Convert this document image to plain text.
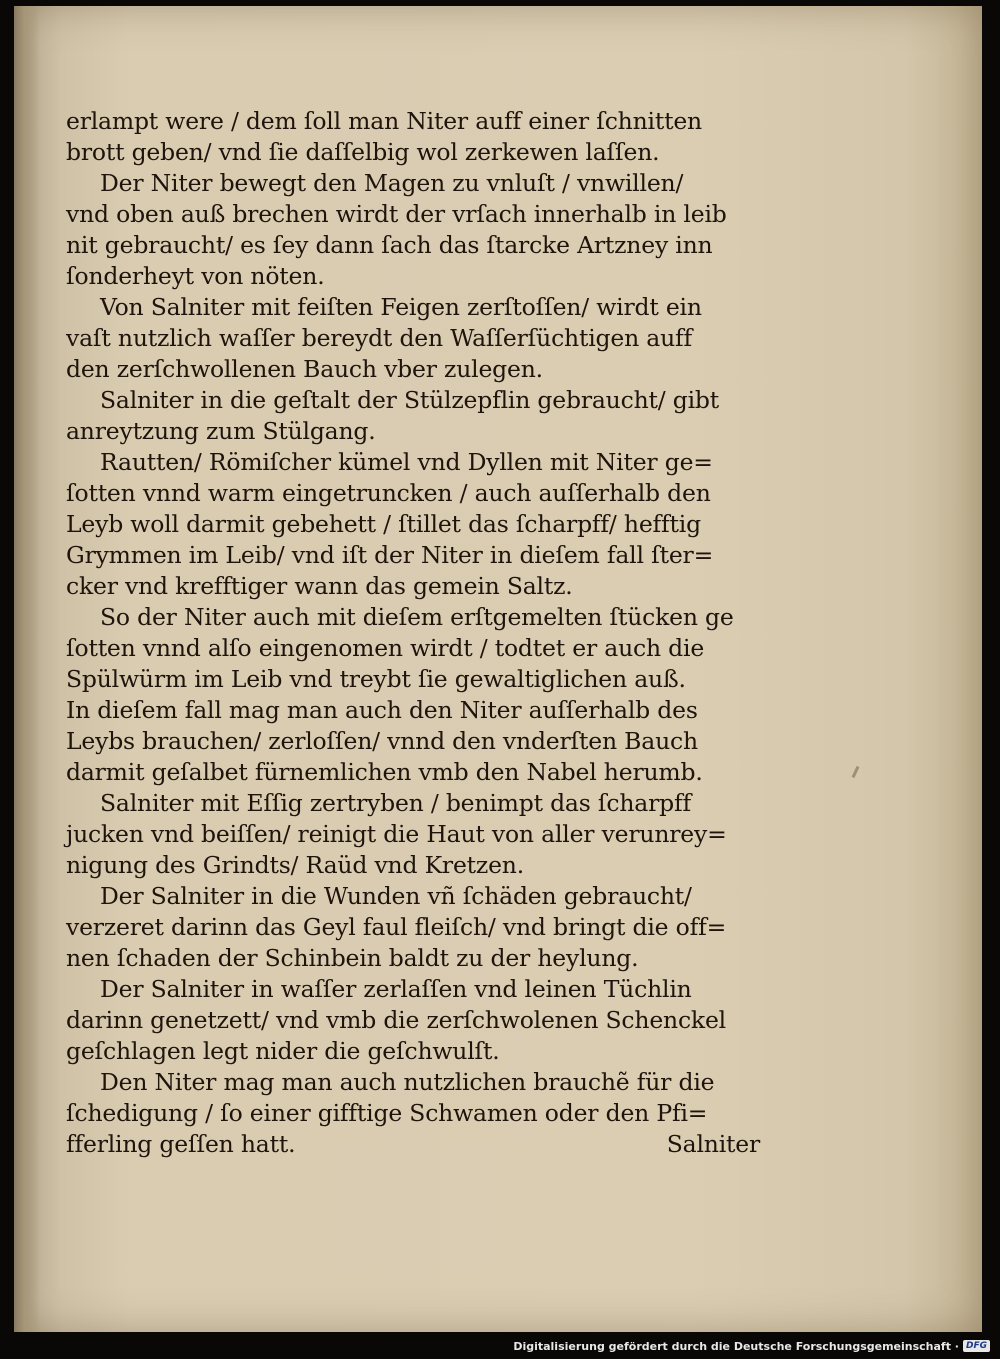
erlampt were / dem ſoll man Niter auff einer ſchnitten
brott geben/ vnd ſie daſſelbig wol zerkewen laſſen.
Der Niter bewegt den Magen zu vnluſt / vnwillen/
vnd oben auß brechen wirdt der vrſach innerhalb in leib
nit gebraucht/ es ſey dann ſach das ſtarcke Artzney inn
ſonderheyt von nöten.
Von Salniter mit feiſten Feigen zerſtoſſen/ wirdt ein
vaſt nutzlich waſſer bereydt den Waſſerſüchtigen auff
den zerſchwollenen Bauch vber zulegen.
Salniter in die geſtalt der Stülzepflin gebraucht/ gibt
anreytzung zum Stülgang.
Rautten/ Römiſcher kümel vnd Dyllen mit Niter ge=
ſotten vnnd warm eingetruncken / auch auſſerhalb den
Leyb woll darmit gebehett / ſtillet das ſcharpff/ hefftig
Grymmen im Leib/ vnd iſt der Niter in dieſem fall ſter=
cker vnd krefftiger wann das gemein Saltz.
So der Niter auch mit dieſem erſtgemelten ſtücken ge
ſotten vnnd alſo eingenomen wirdt / todtet er auch die
Spülwürm im Leib vnd treybt ſie gewaltiglichen auß.
In dieſem fall mag man auch den Niter auſſerhalb des
Leybs brauchen/ zerloſſen/ vnnd den vnderſten Bauch
darmit geſalbet fürnemlichen vmb den Nabel herumb.
Salniter mit Eſſig zertryben / benimpt das ſcharpff
jucken vnd beiſſen/ reinigt die Haut von aller verunrey=
nigung des Grindts/ Raüd vnd Kretzen.
Der Salniter in die Wunden vñ ſchäden gebraucht/
verzeret darinn das Geyl faul fleiſch/ vnd bringt die off=
nen ſchaden der Schinbein baldt zu der heylung.
Der Salniter in waſſer zerlaſſen vnd leinen Tüchlin
darinn genetzett/ vnd vmb die zerſchwolenen Schenckel
geſchlagen legt nider die geſchwulſt.
Den Niter mag man auch nutzlichen brauchẽ für die
ſchedigung / ſo einer gifftige Schwamen oder den Pfi=
fferling geſſen hatt.	Salniter
Digitalisierung gefördert durch die Deutsche Forschungsgemeinschaft · DFG
